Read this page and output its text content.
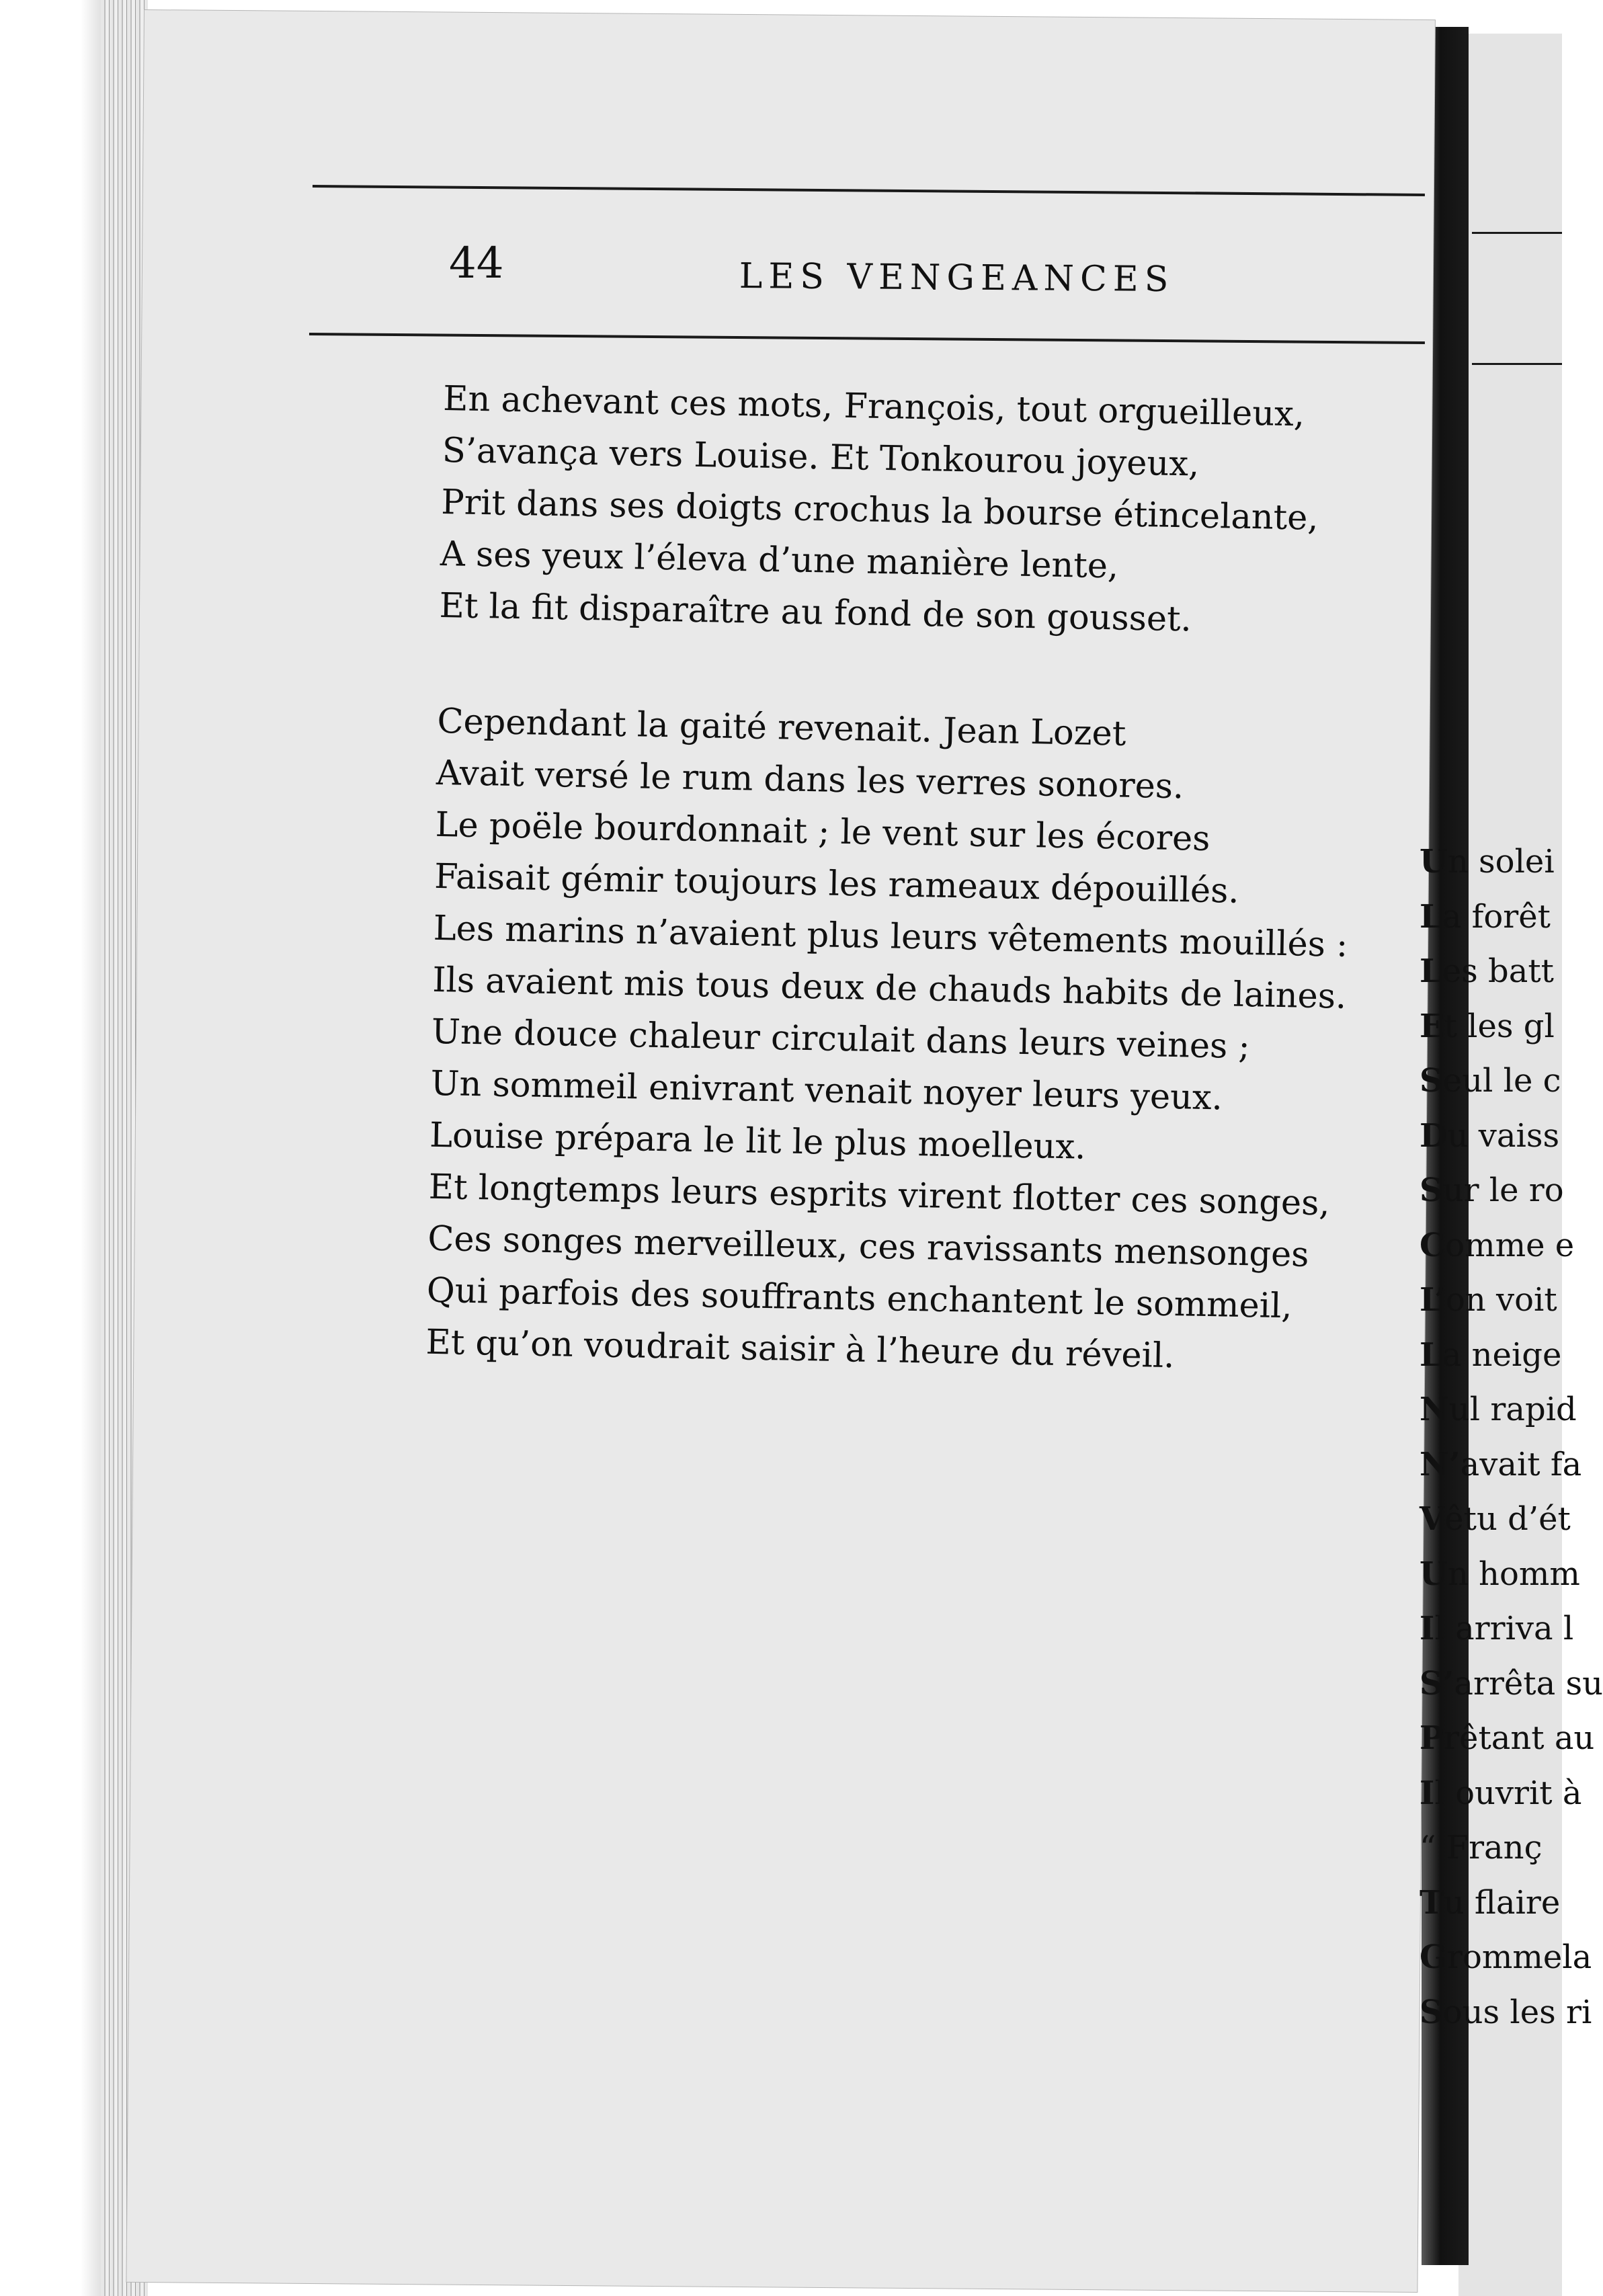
44	LES VENGEANCES
En achevant ces mots, François, tout orgueilleux,
S’avança vers Louise. Et Tonkourou joyeux,
Prit dans ses doigts crochus la bourse étincelante,
A ses yeux l’éleva d’une manière lente,
Et la fit disparaître au fond de son gousset.
Cependant la gaité revenait. Jean Lozet
Avait versé le rum dans les verres sonores.
Le poële bourdonnait ; le vent sur les écores
Faisait gémir toujours les rameaux dépouillés.
Les marins n’avaient plus leurs vêtements mouillés :
Ils avaient mis tous deux de chauds habits de laines.
Une douce chaleur circulait dans leurs veines ;
Un sommeil enivrant venait noyer leurs yeux.
Louise prépara le lit le plus moelleux.
Et longtemps leurs esprits virent flotter ces songes,
Ces songes merveilleux, ces ravissants mensonges
Qui parfois des souffrants enchantent le sommeil,
Et qu’on voudrait saisir à l’heure du réveil.
Un solei
La forêt
Les batt
Et les gl
Seul le c
Du vaiss
Sur le ro
Comme e
L’on voit
La neige
Nul rapid
N’avait fa
Vêtu d’ét
Un homm
Il arriva l
S’arrêta su
Prêtant au
Il ouvrit à
“ Franç
Tu flaire
Grommela
Sous les ri
